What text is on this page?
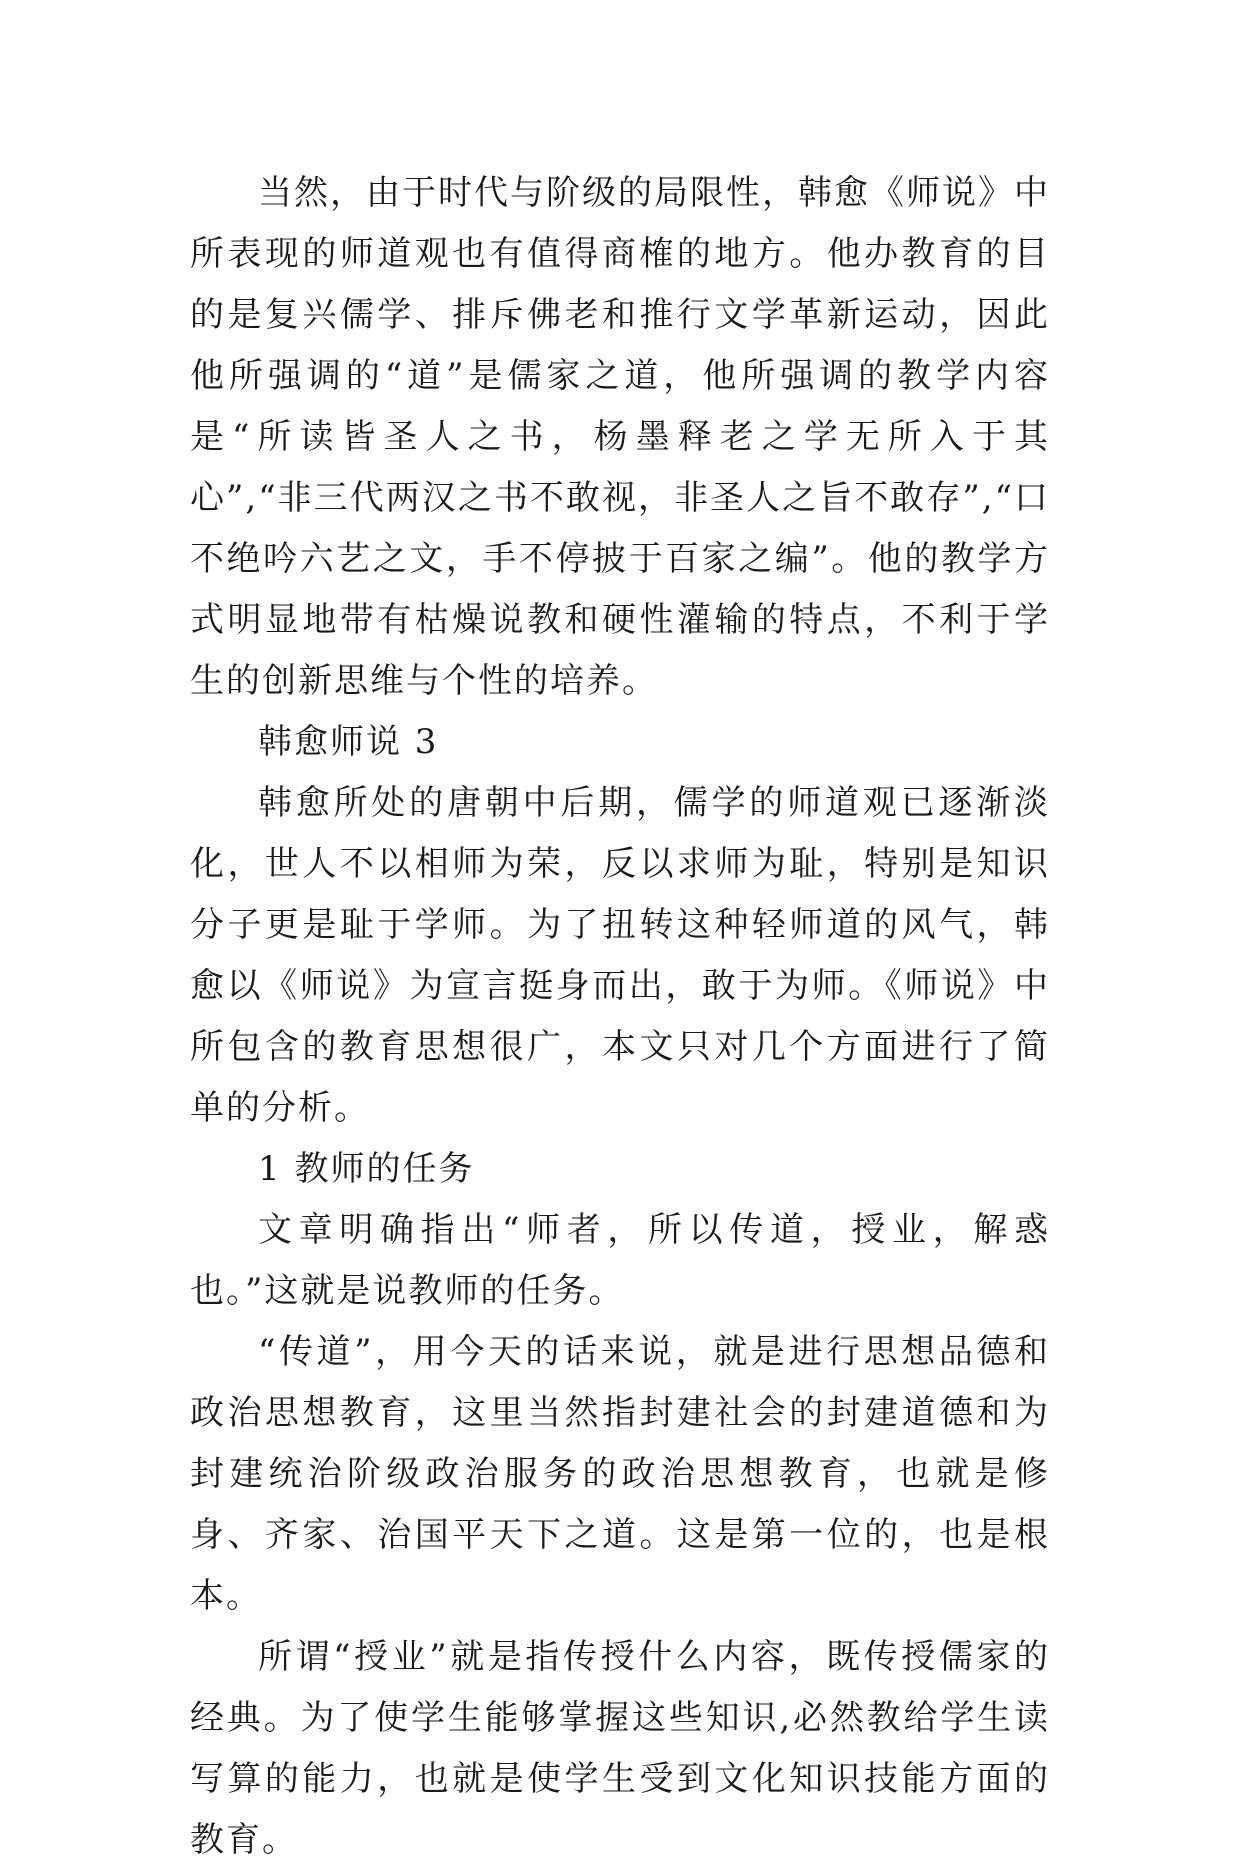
当然，由于时代与阶级的局限性，韩愈《师说》中所表现的师道观也有值得商榷的地方。他办教育的目的是复兴儒学、排斥佛老和推行文学革新运动，因此他所强调的“道”是儒家之道，他所强调的教学内容是“所读皆圣人之书，杨墨释老之学无所入于其心”,“非三代两汉之书不敢视，非圣人之旨不敢存”,“口不绝吟六艺之文，手不停披于百家之编”。他的教学方式明显地带有枯燥说教和硬性灌输的特点，不利于学生的创新思维与个性的培养。

韩愈师说 3

韩愈所处的唐朝中后期，儒学的师道观已逐渐淡化，世人不以相师为荣，反以求师为耻，特别是知识分子更是耻于学师。为了扭转这种轻师道的风气，韩愈以《师说》为宣言挺身而出，敢于为师。《师说》中所包含的教育思想很广，本文只对几个方面进行了简单的分析。

1 教师的任务

文章明确指出“师者，所以传道，授业，解惑也。”这就是说教师的任务。

“传道”，用今天的话来说，就是进行思想品德和政治思想教育，这里当然指封建社会的封建道德和为封建统治阶级政治服务的政治思想教育，也就是修身、齐家、治国平天下之道。这是第一位的，也是根本。

所谓“授业”就是指传授什么内容，既传授儒家的经典。为了使学生能够掌握这些知识,必然教给学生读写算的能力，也就是使学生受到文化知识技能方面的教育。
